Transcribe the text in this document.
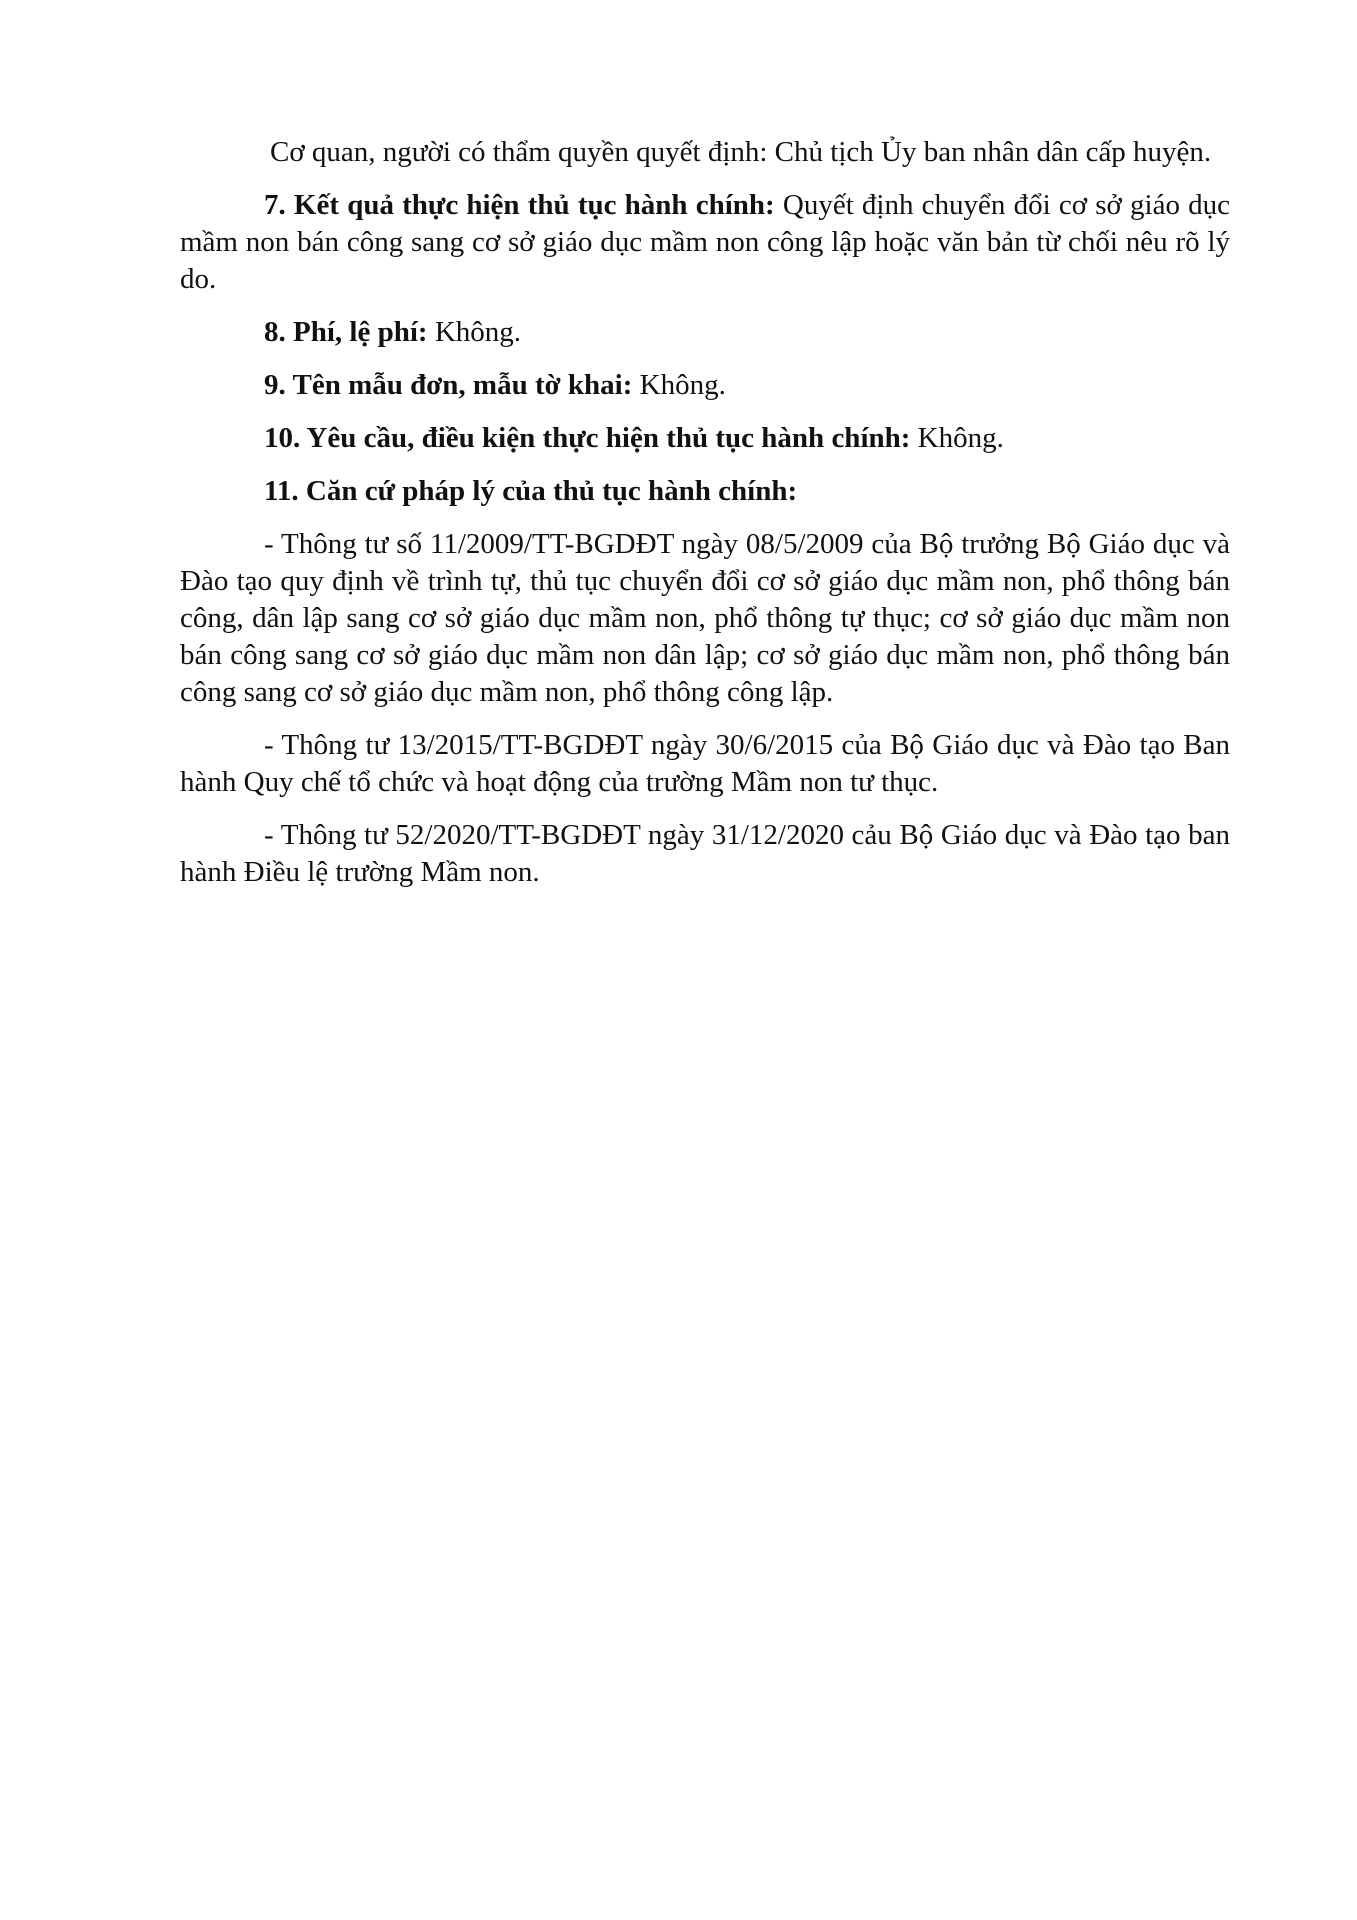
Cơ quan, người có thẩm quyền quyết định: Chủ tịch Ủy ban nhân dân cấp huyện.

7. Kết quả thực hiện thủ tục hành chính: Quyết định chuyển đổi cơ sở giáo dục mầm non bán công sang cơ sở giáo dục mầm non công lập hoặc văn bản từ chối nêu rõ lý do.

8. Phí, lệ phí: Không.

9. Tên mẫu đơn, mẫu tờ khai: Không.

10. Yêu cầu, điều kiện thực hiện thủ tục hành chính: Không.

11. Căn cứ pháp lý của thủ tục hành chính:

- Thông tư số 11/2009/TT-BGDĐT ngày 08/5/2009 của Bộ trưởng Bộ Giáo dục và Đào tạo quy định về trình tự, thủ tục chuyển đổi cơ sở giáo dục mầm non, phổ thông bán công, dân lập sang cơ sở giáo dục mầm non, phổ thông tự thục; cơ sở giáo dục mầm non bán công sang cơ sở giáo dục mầm non dân lập; cơ sở giáo dục mầm non, phổ thông bán công sang cơ sở giáo dục mầm non, phổ thông công lập.

- Thông tư 13/2015/TT-BGDĐT ngày 30/6/2015 của Bộ Giáo dục và Đào tạo Ban hành Quy chế tổ chức và hoạt động của trường Mầm non tư thục.

- Thông tư 52/2020/TT-BGDĐT ngày 31/12/2020 cảu Bộ Giáo dục và Đào tạo ban hành Điều lệ trường Mầm non.
